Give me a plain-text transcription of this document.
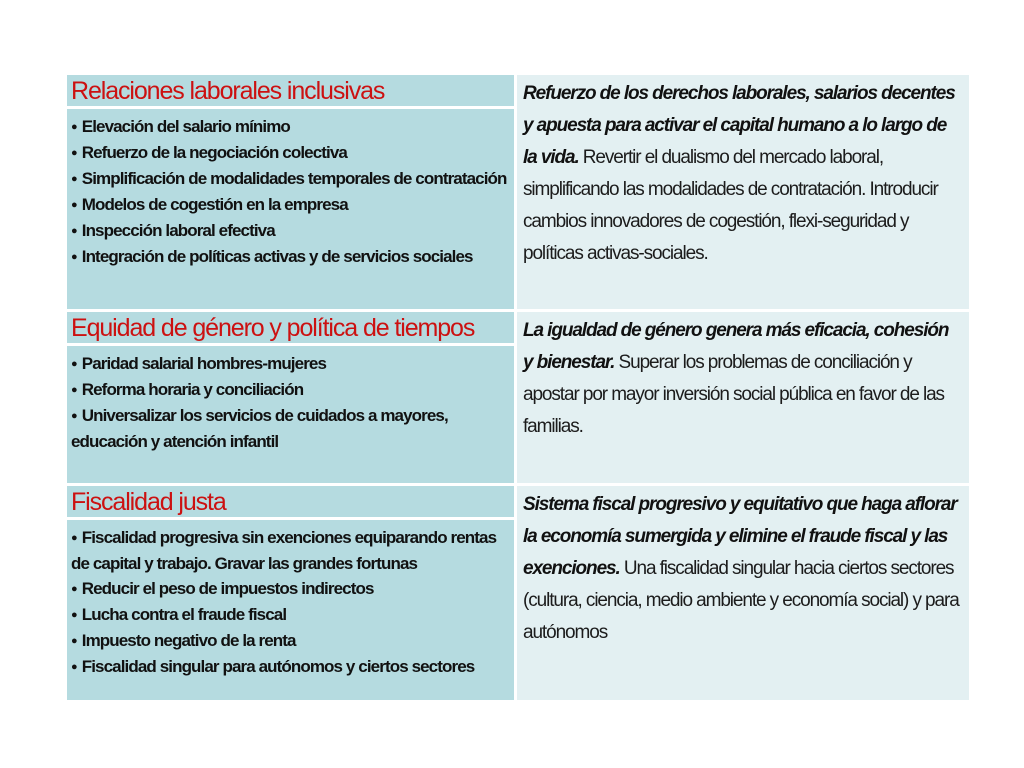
Relaciones laborales inclusivas
● Elevación del salario mínimo
● Refuerzo de la negociación colectiva
● Simplificación de modalidades temporales de contratación
● Modelos de cogestión en la empresa
● Inspección laboral efectiva
● Integración de políticas activas y de servicios sociales
Refuerzo de los derechos laborales, salarios decentes y apuesta para activar el capital humano a lo largo de la vida. Revertir el dualismo del mercado laboral, simplificando las modalidades de contratación. Introducir cambios innovadores de cogestión, flexi-seguridad y políticas activas-sociales.
Equidad de género y política de tiempos
● Paridad salarial hombres-mujeres
● Reforma horaria y conciliación
● Universalizar los servicios de cuidados a mayores, educación y atención infantil
La igualdad de género genera más eficacia, cohesión y bienestar. Superar los problemas de conciliación y apostar por mayor inversión social pública en favor de las familias.
Fiscalidad justa
● Fiscalidad progresiva sin exenciones equiparando rentas de capital y trabajo. Gravar las grandes fortunas
● Reducir el peso de impuestos indirectos
● Lucha contra el fraude fiscal
● Impuesto negativo de la renta
● Fiscalidad singular para autónomos y ciertos sectores
Sistema fiscal progresivo y equitativo que haga aflorar la economía sumergida y elimine el fraude fiscal y las exenciones. Una fiscalidad singular hacia ciertos sectores (cultura, ciencia, medio ambiente y economía social) y para autónomos
